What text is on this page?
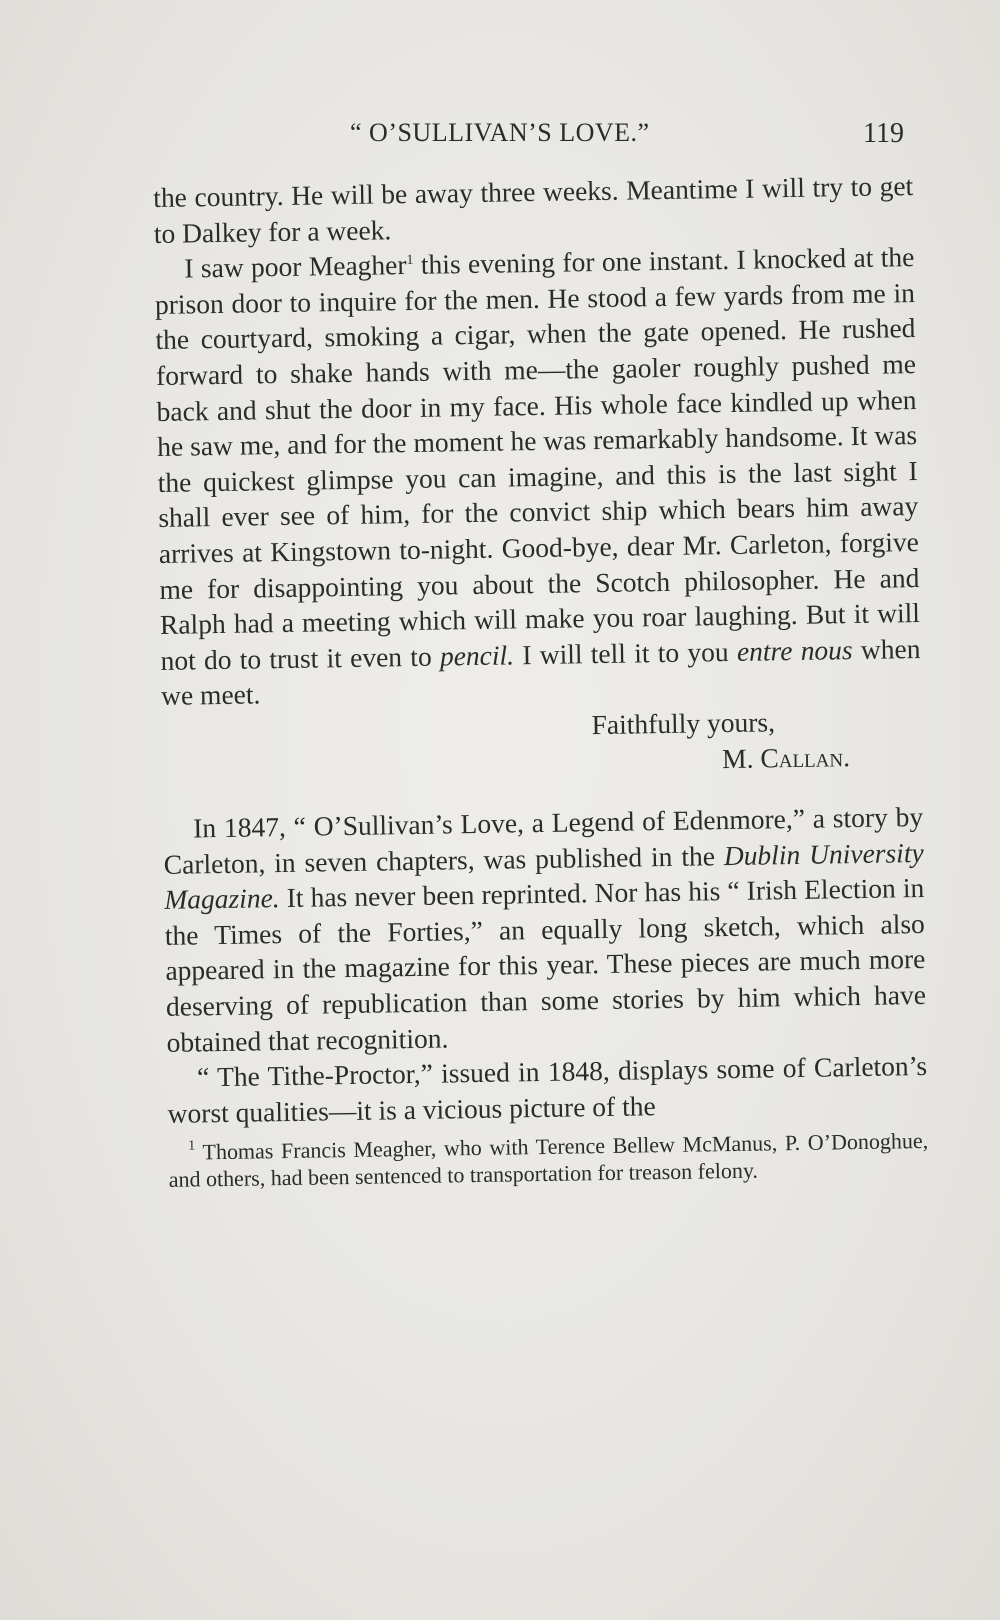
“ O’SULLIVAN’S LOVE.”	119

the country. He will be away three weeks. Meantime I will try to get to Dalkey for a week.

I saw poor Meagher$^1$ this evening for one instant. I knocked at the prison door to inquire for the men. He stood a few yards from me in the courtyard, smoking a cigar, when the gate opened. He rushed forward to shake hands with me—the gaoler roughly pushed me back and shut the door in my face. His whole face kindled up when he saw me, and for the moment he was remarkably handsome. It was the quickest glimpse you can imagine, and this is the last sight I shall ever see of him, for the convict ship which bears him away arrives at Kingstown to-night. Good-bye, dear Mr. Carleton, forgive me for disappointing you about the Scotch philosopher. He and Ralph had a meeting which will make you roar laughing. But it will not do to trust it even to pencil. I will tell it to you entre nous when we meet.

Faithfully yours,
M. Callan.

In 1847, “ O’Sullivan’s Love, a Legend of Edenmore,” a story by Carleton, in seven chapters, was published in the Dublin University Magazine. It has never been reprinted. Nor has his “ Irish Election in the Times of the Forties,” an equally long sketch, which also appeared in the magazine for this year. These pieces are much more deserving of republication than some stories by him which have obtained that recognition.

“ The Tithe-Proctor,” issued in 1848, displays some of Carleton’s worst qualities—it is a vicious picture of the

$^1$ Thomas Francis Meagher, who with Terence Bellew McManus, P. O’Donoghue, and others, had been sentenced to transportation for treason felony.
